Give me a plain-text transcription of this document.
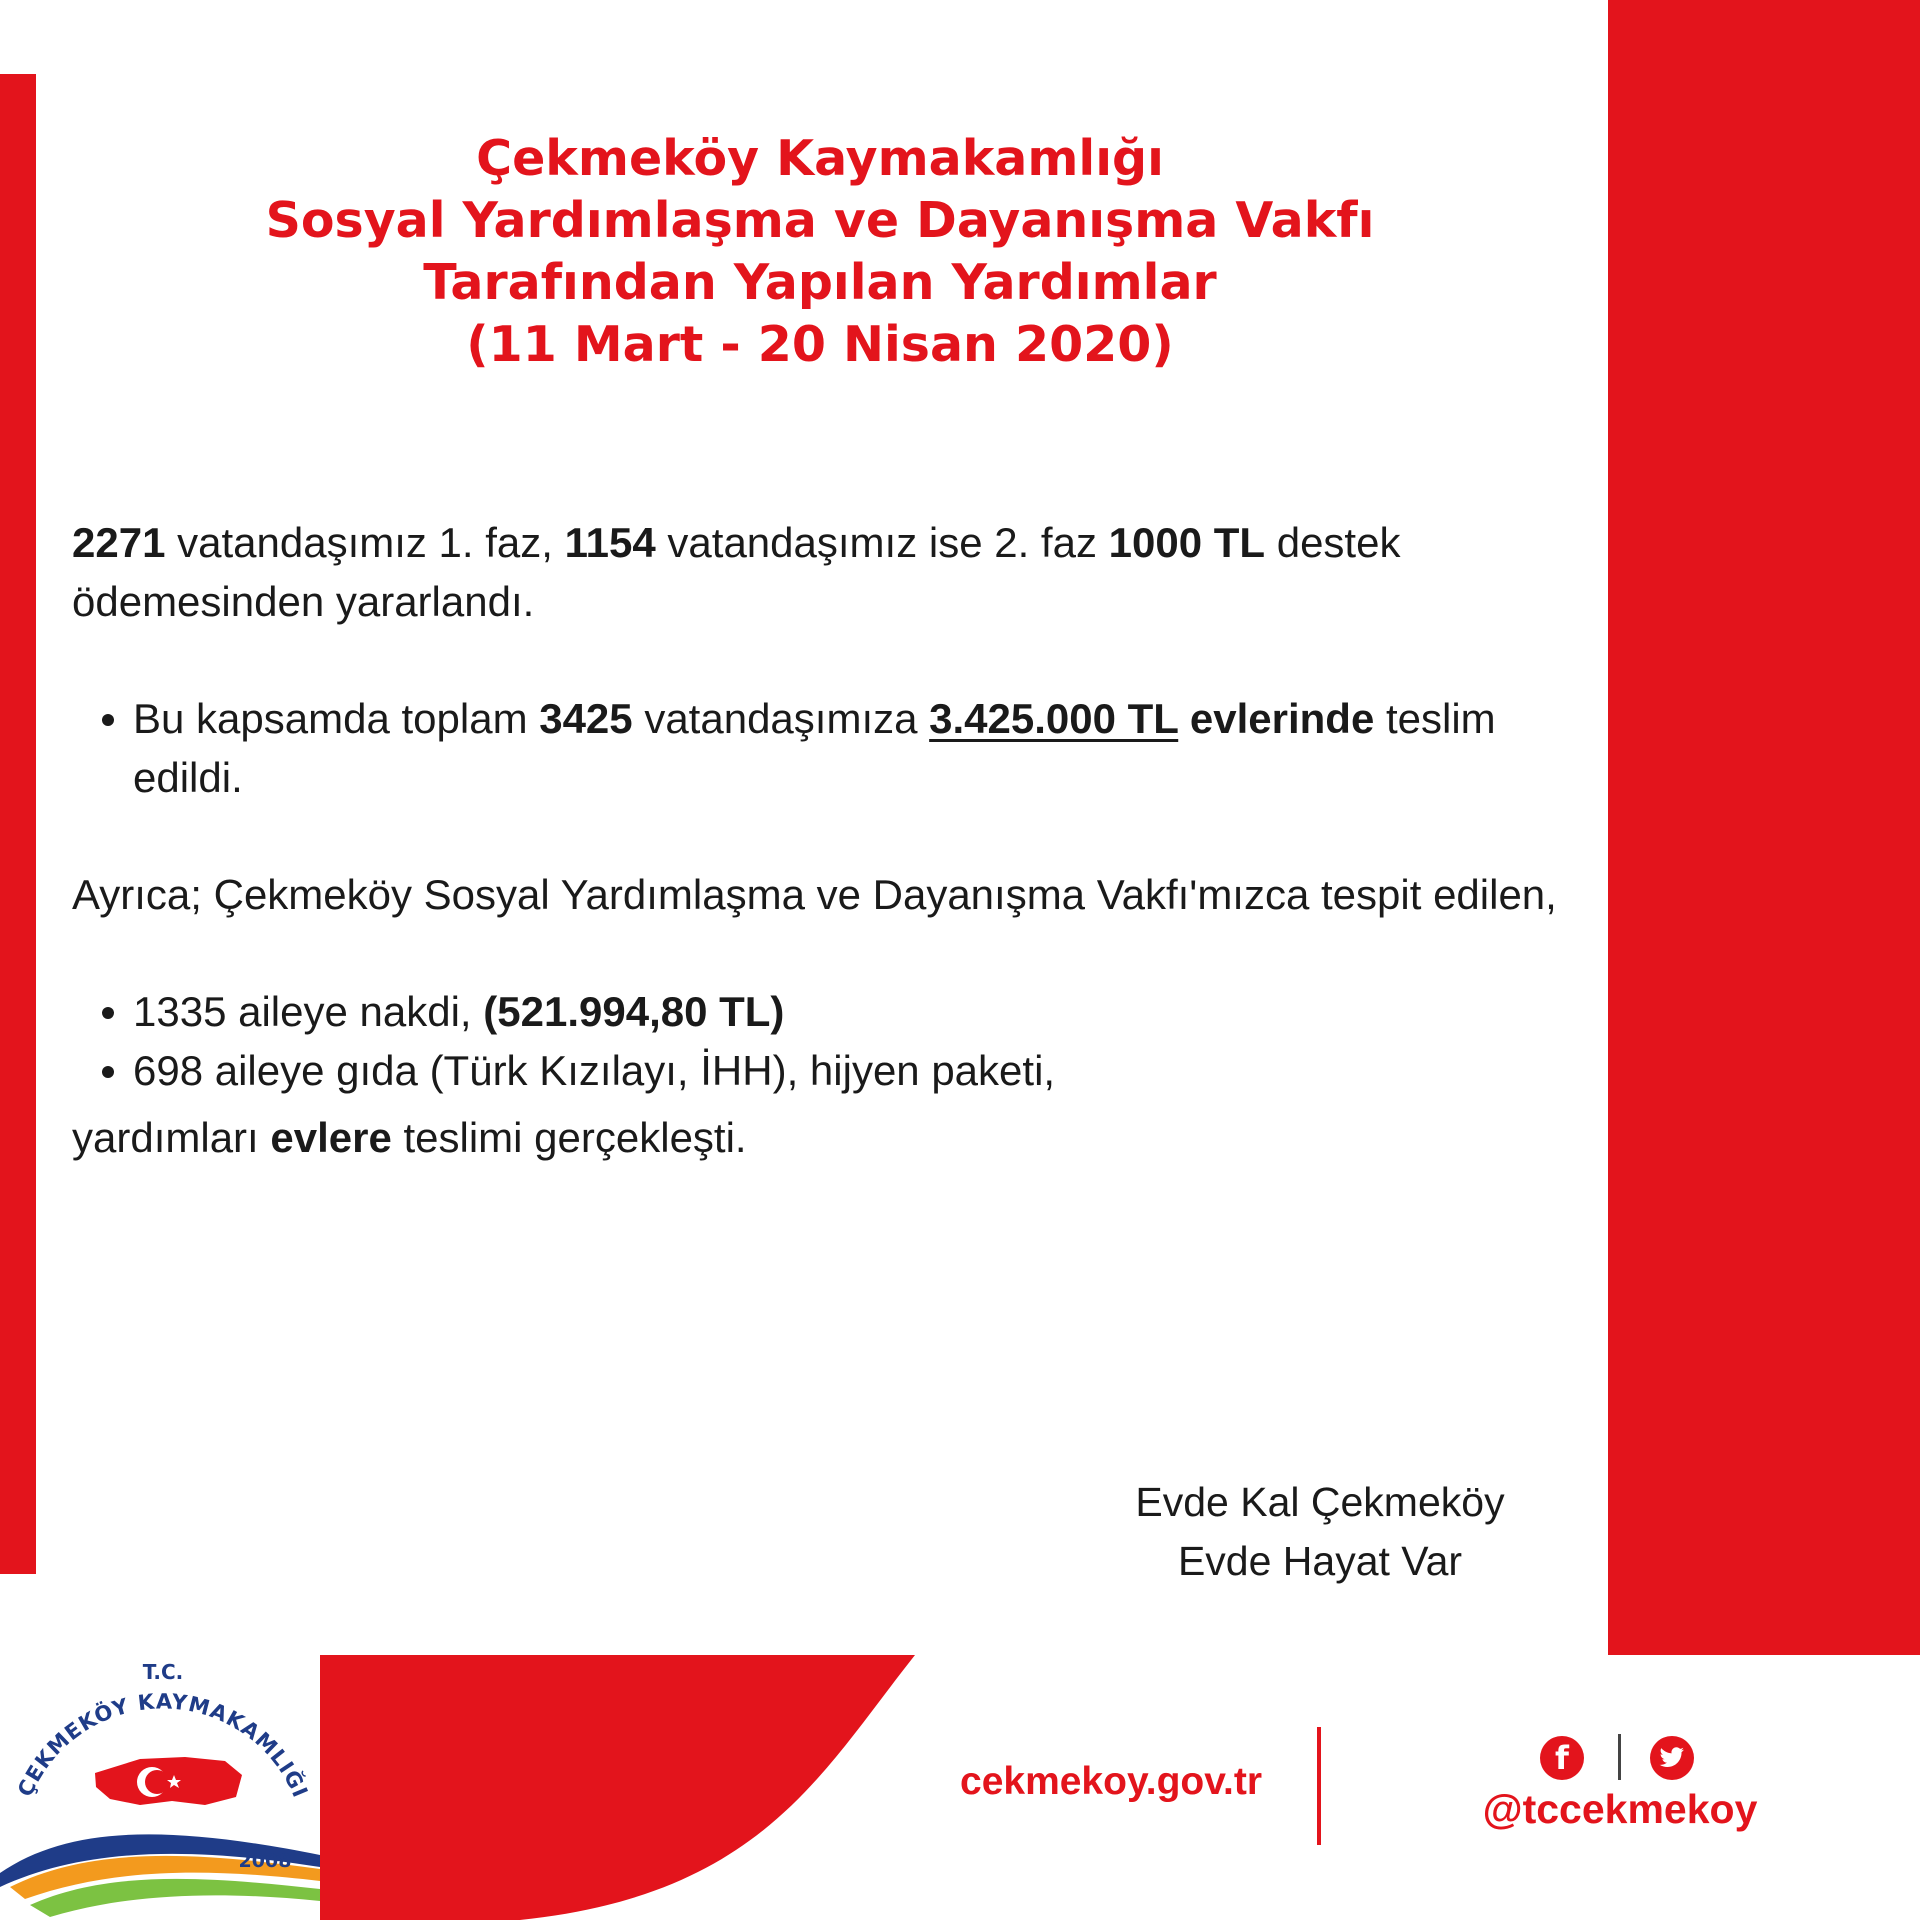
Çekmeköy Kaymakamlığı
Sosyal Yardımlaşma ve Dayanışma Vakfı
Tarafından Yapılan Yardımlar
(11 Mart - 20 Nisan 2020)

2271 vatandaşımız 1. faz, 1154 vatandaşımız ise 2. faz 1000 TL destek ödemesinden yararlandı.

Bu kapsamda toplam 3425 vatandaşımıza 3.425.000 TL evlerinde teslim edildi.

Ayrıca; Çekmeköy Sosyal Yardımlaşma ve Dayanışma Vakfı'mızca tespit edilen,

1335 aileye nakdi, (521.994,80 TL)
698 aileye gıda (Türk Kızılayı, İHH), hijyen paketi,

yardımları evlere teslimi gerçekleşti.

Evde Kal Çekmeköy
Evde Hayat Var
T.C.
ÇEKMEKÖY KAYMAKAMLIĞI
2008
cekmekoy.gov.tr
f
@tccekmekoy
